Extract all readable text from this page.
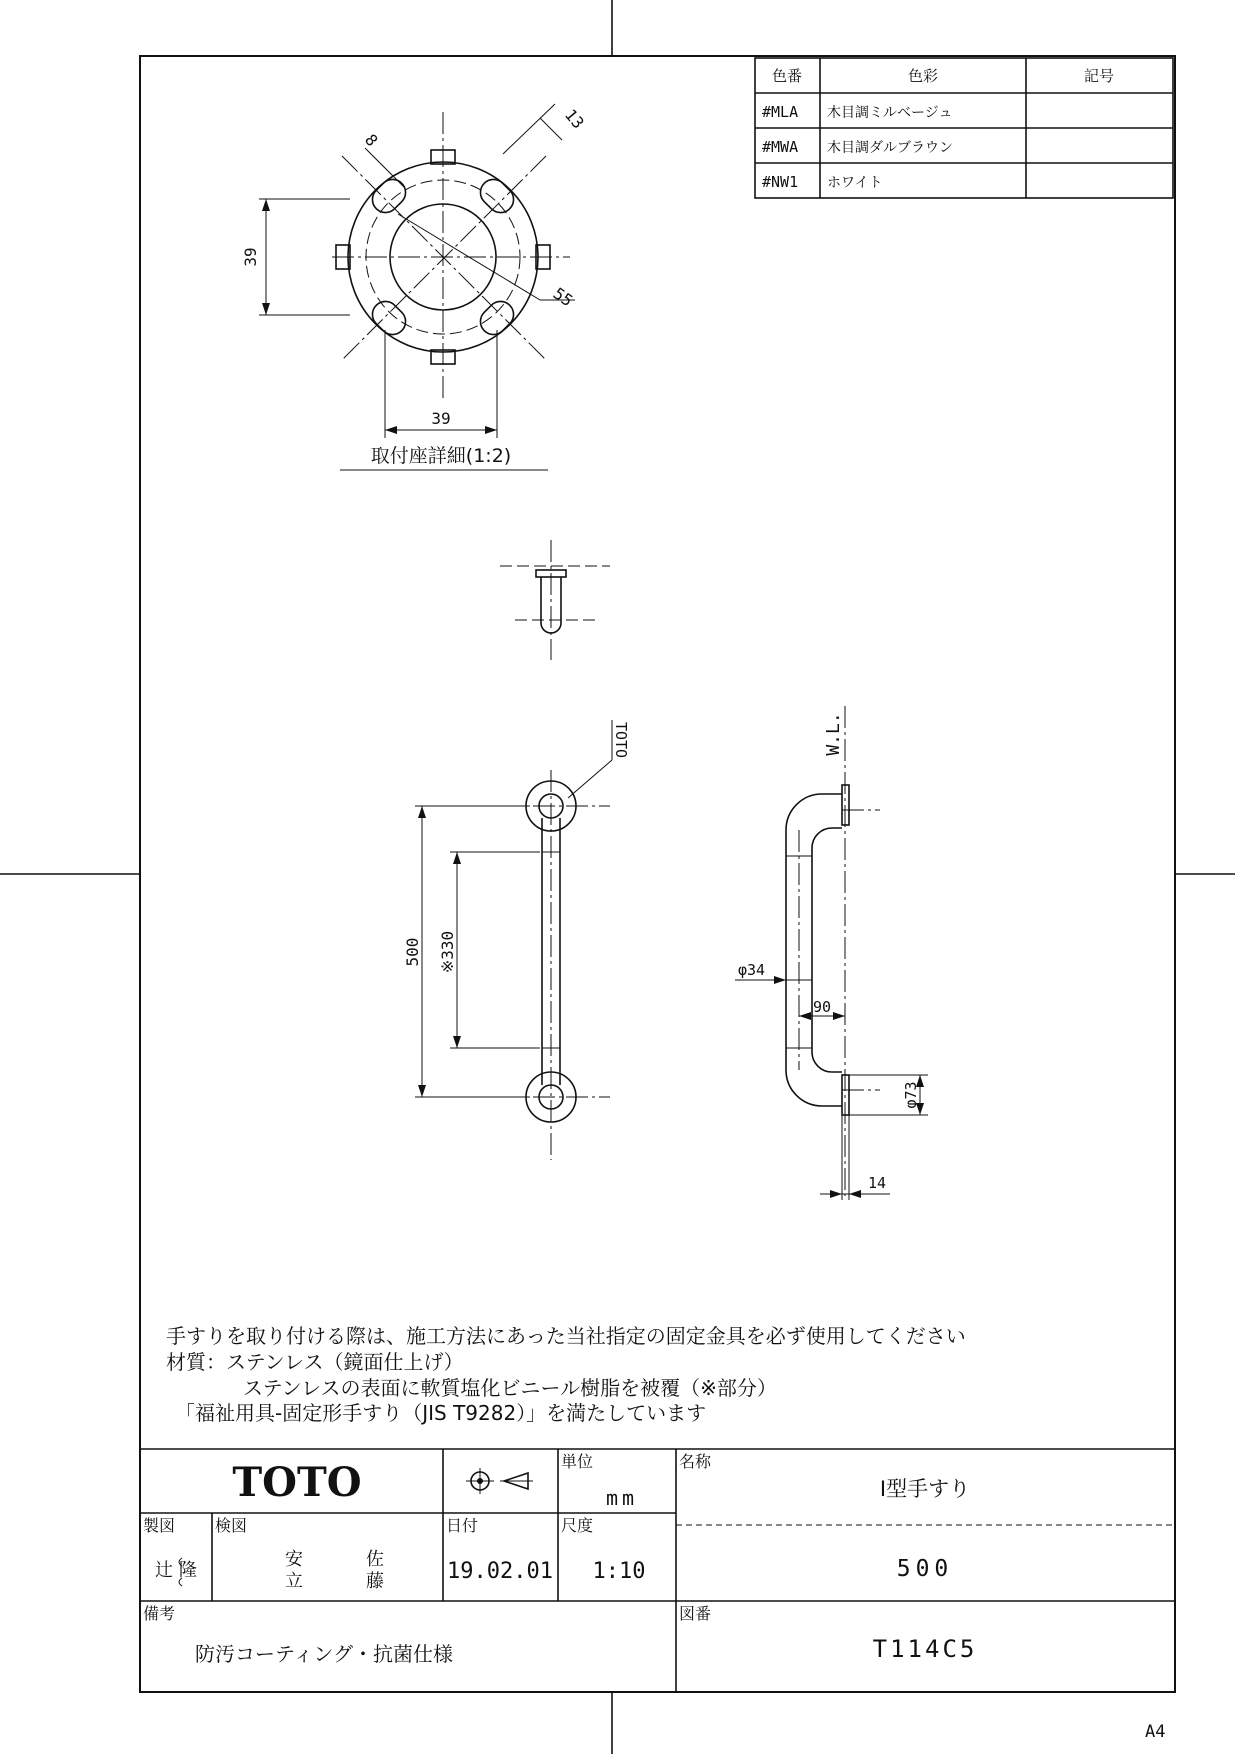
色番	色彩	記号
#MLA 木目調ミルベージュ
#MWA 木目調ダルブラウン
#NW1 ホワイト
39
39
8
13
55
取付座詳細(1:2)
500 ※330
TOTO	W.L.
φ34
90
φ73
14
手すりを取り付ける際は、施工方法にあった当社指定の固定金具を必ず使用してください
材質：ステンレス（鏡面仕上げ）
ステンレスの表面に軟質塩化ビニール樹脂を被覆（※部分）
「福祉用具-固定形手すり（JIS T9282）」を満たしています
TOTO	単位
mm
名称
I型手すり
500
製図
辻 隆
検図
安	佐
立	藤
日付
19.02.01
尺度
1:10
備考
防汚コーティング・抗菌仕様
図番
T114C5
A4
